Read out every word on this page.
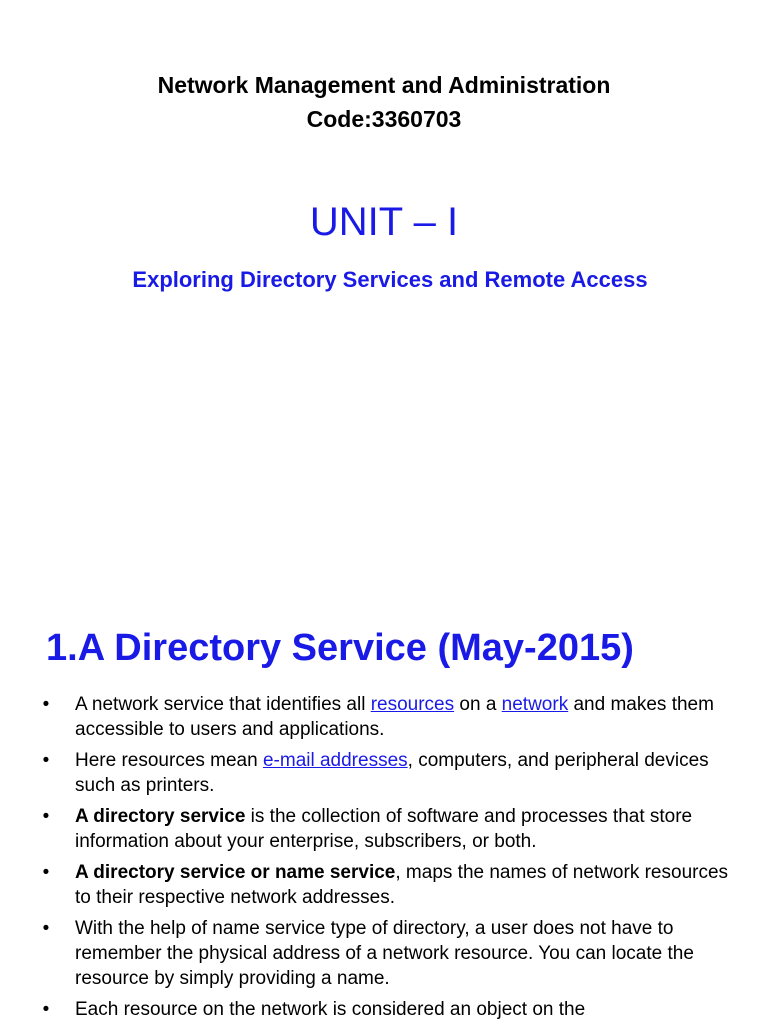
Network Management and Administration

Code:3360703

UNIT – I
Exploring Directory Services and Remote Access
1.A Directory Service (May-2015)
• A network service that identifies all resources on a network and makes them accessible to users and applications.
• Here resources mean e-mail addresses, computers, and peripheral devices such as printers.
• A directory service is the collection of software and processes that store information about your enterprise, subscribers, or both.
• A directory service or name service, maps the names of network resources to their respective network addresses.
• With the help of name service type of directory, a user does not have to remember the physical address of a network resource. You can locate the resource by simply providing a name.
• Each resource on the network is considered an object on the
